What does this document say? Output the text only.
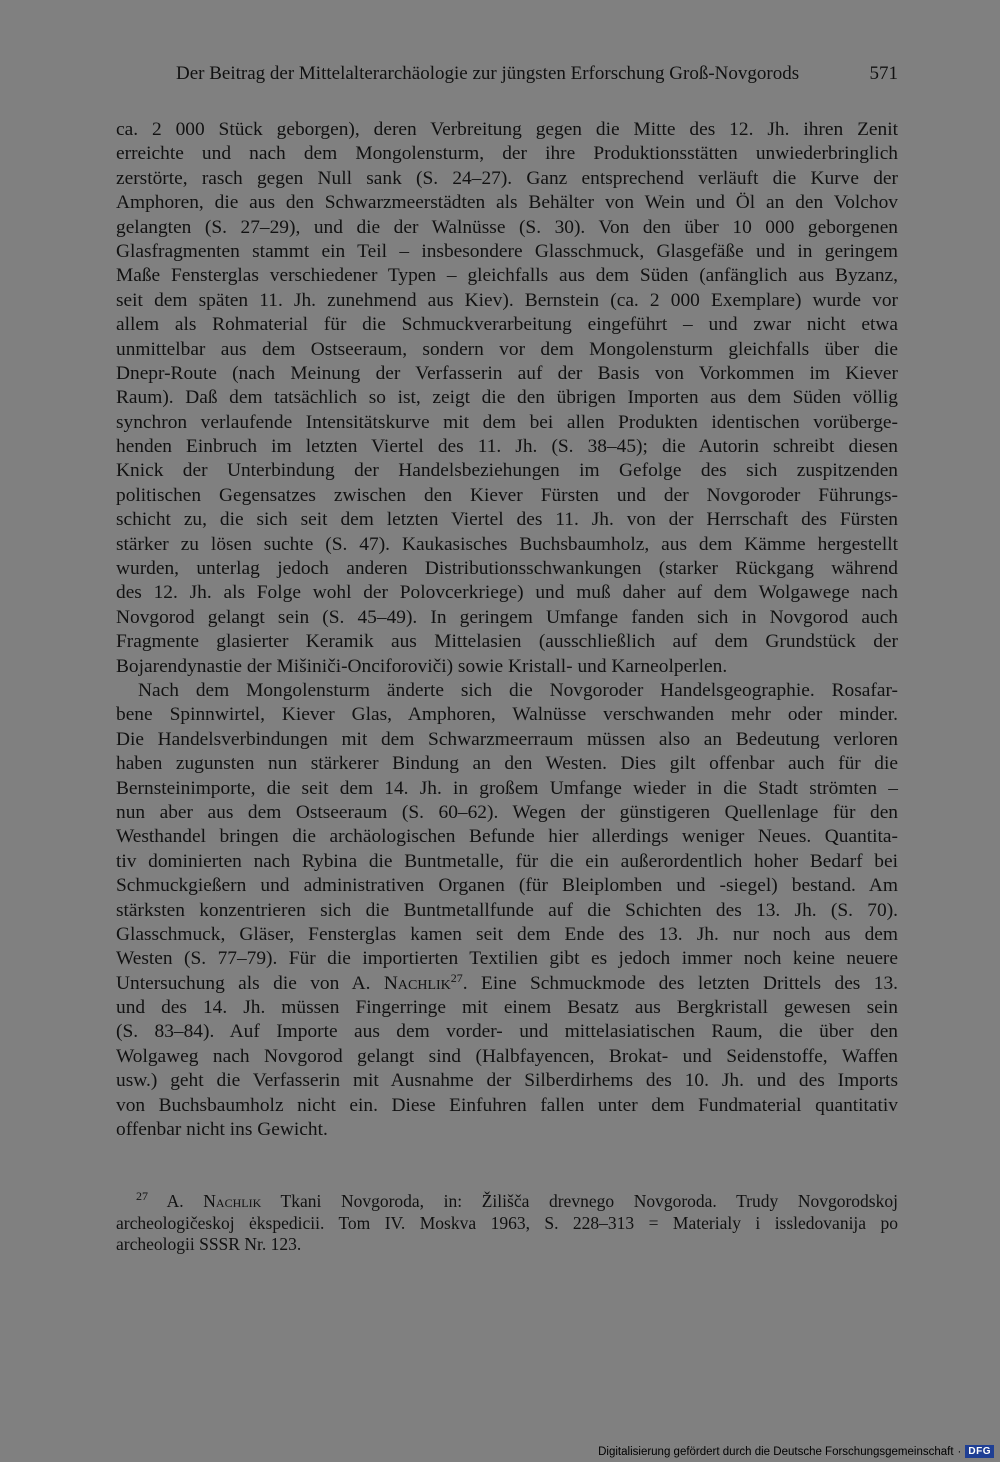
Der Beitrag der Mittelalterarchäologie zur jüngsten Erforschung Groß-Novgorods	571
ca. 2 000 Stück geborgen), deren Verbreitung gegen die Mitte des 12. Jh. ihren Zenit
erreichte und nach dem Mongolensturm, der ihre Produktionsstätten unwiederbringlich
zerstörte, rasch gegen Null sank (S. 24–27). Ganz entsprechend verläuft die Kurve der
Amphoren, die aus den Schwarzmeerstädten als Behälter von Wein und Öl an den Volchov
gelangten (S. 27–29), und die der Walnüsse (S. 30). Von den über 10 000 geborgenen
Glasfragmenten stammt ein Teil – insbesondere Glasschmuck, Glasgefäße und in geringem
Maße Fensterglas verschiedener Typen – gleichfalls aus dem Süden (anfänglich aus Byzanz,
seit dem späten 11. Jh. zunehmend aus Kiev). Bernstein (ca. 2 000 Exemplare) wurde vor
allem als Rohmaterial für die Schmuckverarbeitung eingeführt – und zwar nicht etwa
unmittelbar aus dem Ostseeraum, sondern vor dem Mongolensturm gleichfalls über die
Dnepr-Route (nach Meinung der Verfasserin auf der Basis von Vorkommen im Kiever
Raum). Daß dem tatsächlich so ist, zeigt die den übrigen Importen aus dem Süden völlig
synchron verlaufende Intensitätskurve mit dem bei allen Produkten identischen vorüberge-
henden Einbruch im letzten Viertel des 11. Jh. (S. 38–45); die Autorin schreibt diesen
Knick der Unterbindung der Handelsbeziehungen im Gefolge des sich zuspitzenden
politischen Gegensatzes zwischen den Kiever Fürsten und der Novgoroder Führungs-
schicht zu, die sich seit dem letzten Viertel des 11. Jh. von der Herrschaft des Fürsten
stärker zu lösen suchte (S. 47). Kaukasisches Buchsbaumholz, aus dem Kämme hergestellt
wurden, unterlag jedoch anderen Distributionsschwankungen (starker Rückgang während
des 12. Jh. als Folge wohl der Polovcerkriege) und muß daher auf dem Wolgawege nach
Novgorod gelangt sein (S. 45–49). In geringem Umfange fanden sich in Novgorod auch
Fragmente glasierter Keramik aus Mittelasien (ausschließlich auf dem Grundstück der
Bojarendynastie der Mišiniči-Onciforoviči) sowie Kristall- und Karneolperlen.
Nach dem Mongolensturm änderte sich die Novgoroder Handelsgeographie. Rosafar-
bene Spinnwirtel, Kiever Glas, Amphoren, Walnüsse verschwanden mehr oder minder.
Die Handelsverbindungen mit dem Schwarzmeerraum müssen also an Bedeutung verloren
haben zugunsten nun stärkerer Bindung an den Westen. Dies gilt offenbar auch für die
Bernsteinimporte, die seit dem 14. Jh. in großem Umfange wieder in die Stadt strömten –
nun aber aus dem Ostseeraum (S. 60–62). Wegen der günstigeren Quellenlage für den
Westhandel bringen die archäologischen Befunde hier allerdings weniger Neues. Quantita-
tiv dominierten nach Rybina die Buntmetalle, für die ein außerordentlich hoher Bedarf bei
Schmuckgießern und administrativen Organen (für Bleiplomben und -siegel) bestand. Am
stärksten konzentrieren sich die Buntmetallfunde auf die Schichten des 13. Jh. (S. 70).
Glasschmuck, Gläser, Fensterglas kamen seit dem Ende des 13. Jh. nur noch aus dem
Westen (S. 77–79). Für die importierten Textilien gibt es jedoch immer noch keine neuere
Untersuchung als die von A. Nachlik$^{27}$. Eine Schmuckmode des letzten Drittels des 13.
und des 14. Jh. müssen Fingerringe mit einem Besatz aus Bergkristall gewesen sein
(S. 83–84). Auf Importe aus dem vorder- und mittelasiatischen Raum, die über den
Wolgaweg nach Novgorod gelangt sind (Halbfayencen, Brokat- und Seidenstoffe, Waffen
usw.) geht die Verfasserin mit Ausnahme der Silberdirhems des 10. Jh. und des Imports
von Buchsbaumholz nicht ein. Diese Einfuhren fallen unter dem Fundmaterial quantitativ
offenbar nicht ins Gewicht.
$^{27}$ A. Nachlik Tkani Novgoroda, in: Žilišča drevnego Novgoroda. Trudy Novgorodskoj
archeologičeskoj ėkspedicii. Tom IV. Moskva 1963, S. 228–313 = Materialy i issledovanija po
archeologii SSSR Nr. 123.
Digitalisierung gefördert durch die Deutsche Forschungsgemeinschaft · DFG
